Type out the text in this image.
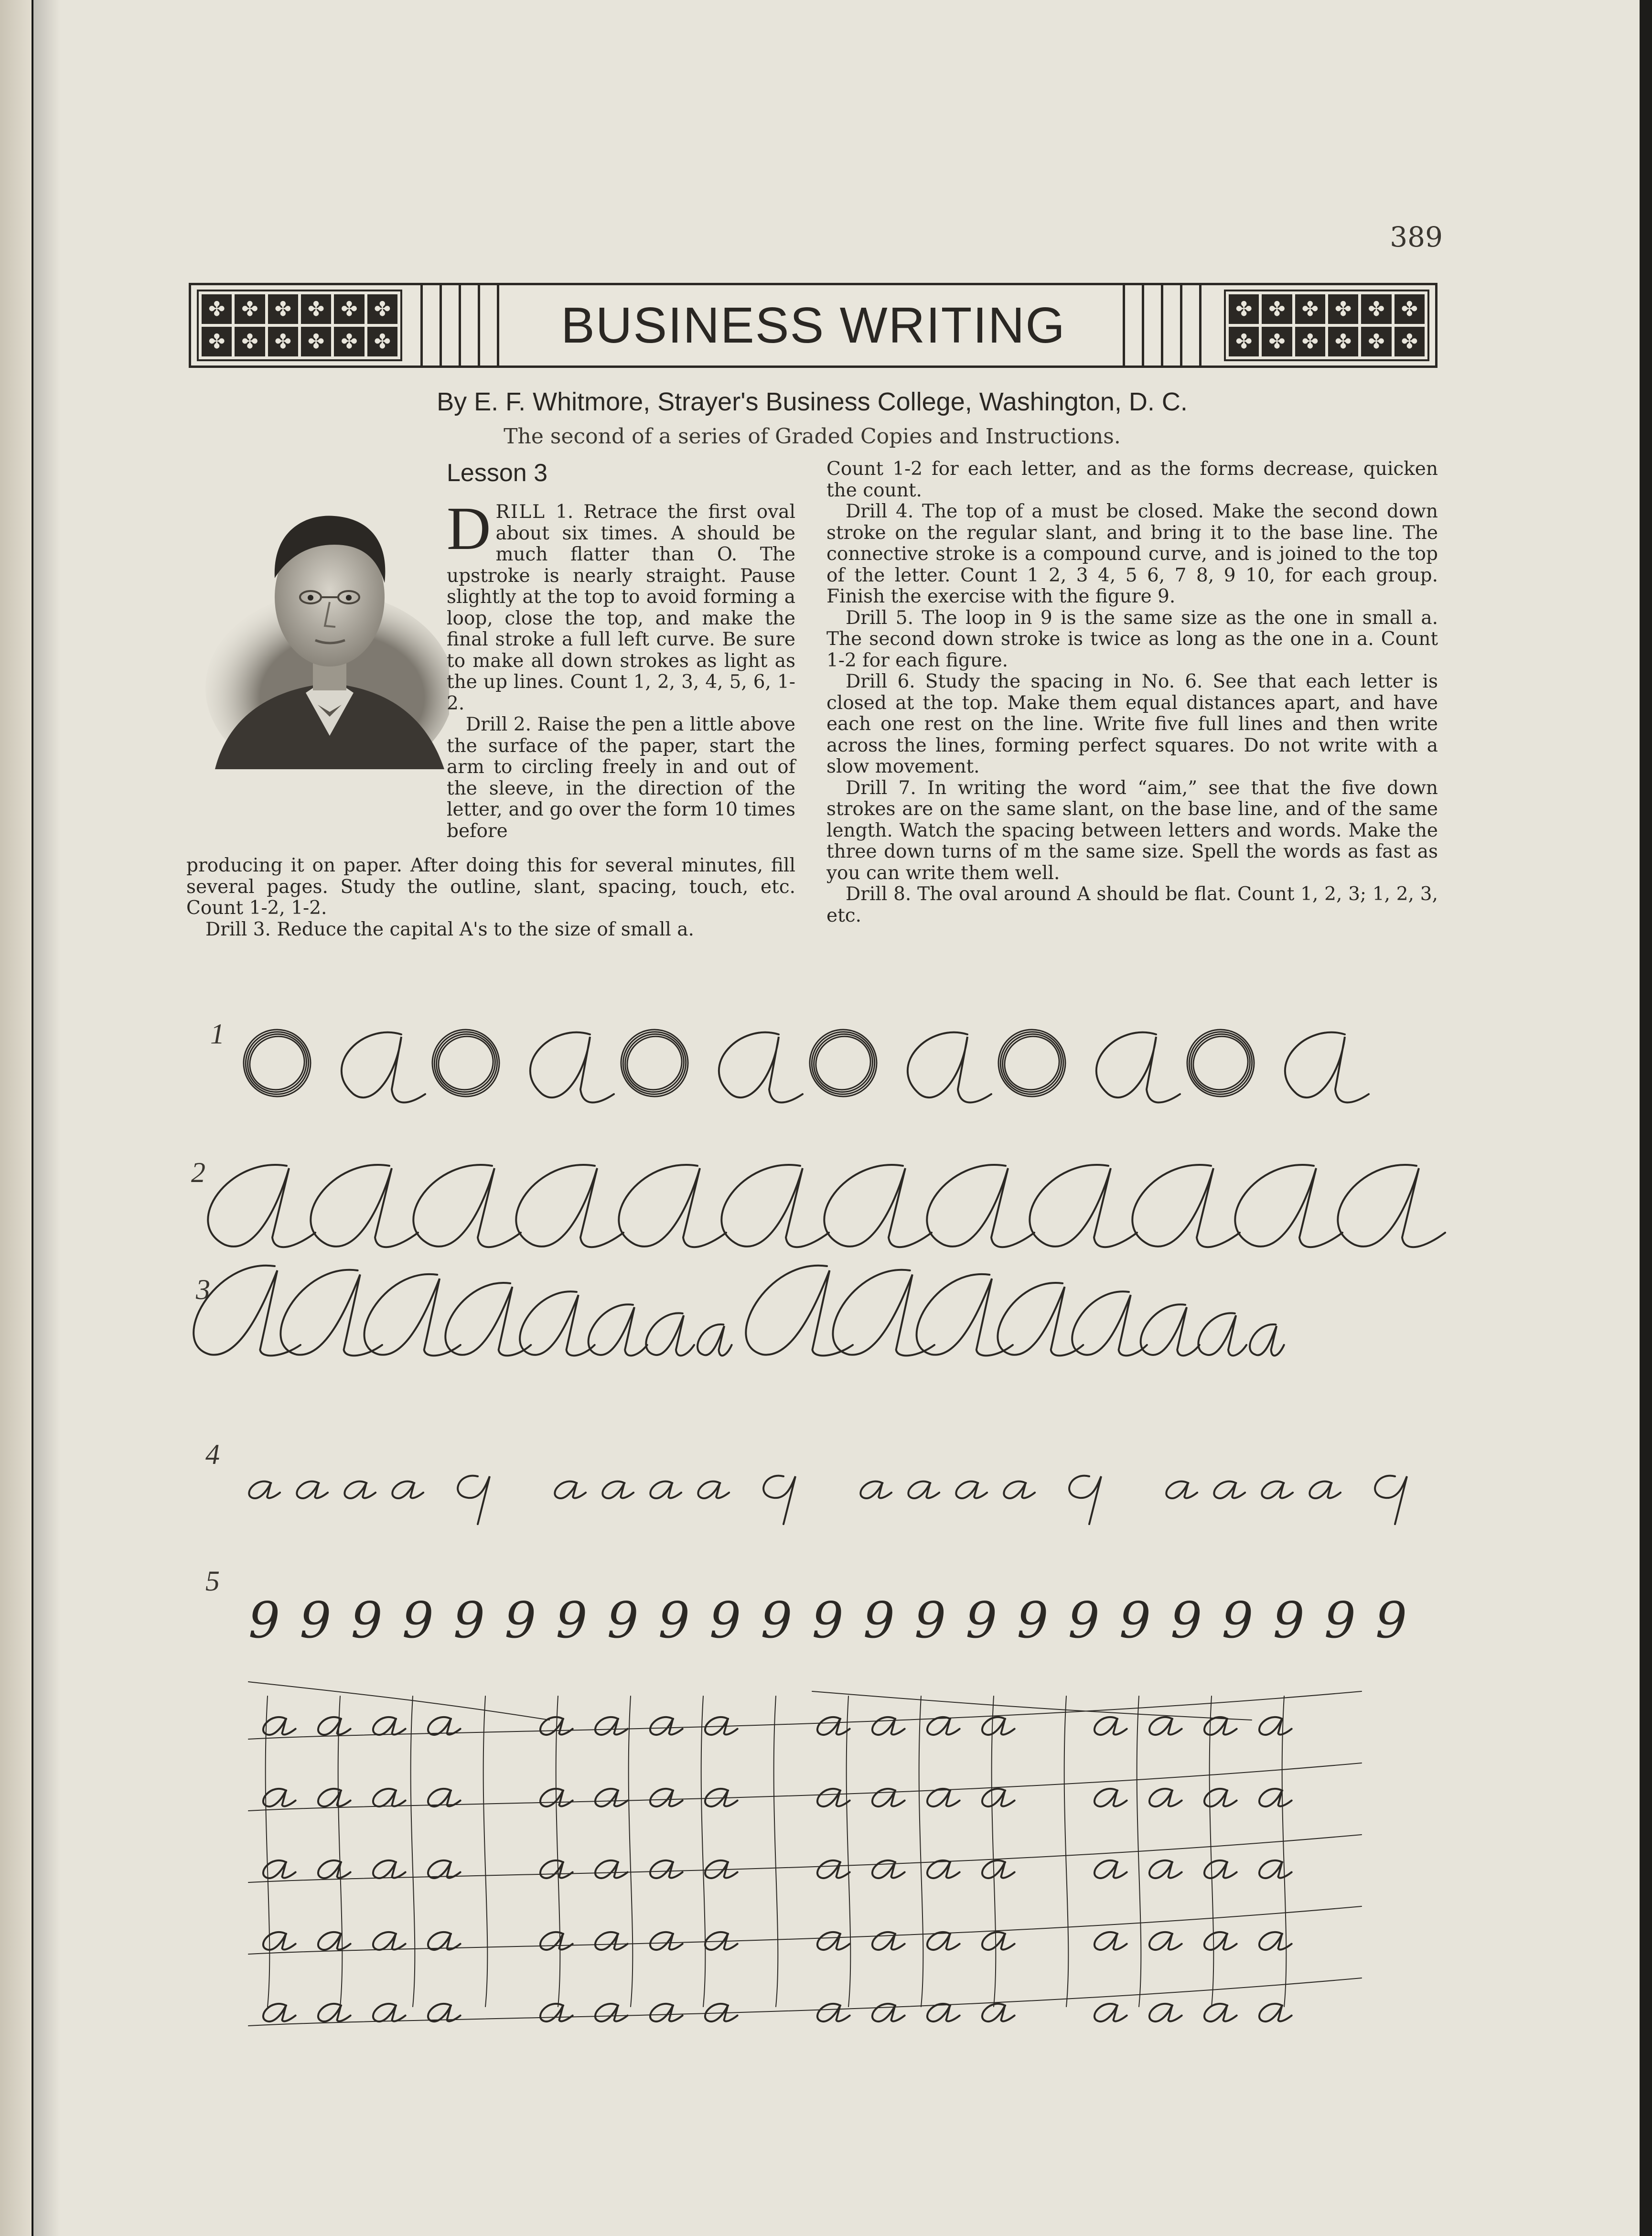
389
✤ ✤ ✤ ✤ ✤ ✤
✤ ✤ ✤ ✤ ✤ ✤	BUSINESS WRITING	✤ ✤ ✤ ✤ ✤ ✤
✤ ✤ ✤ ✤ ✤ ✤
By E. F. Whitmore, Strayer's Business College, Washington, D. C.
The second of a series of Graded Copies and Instructions.
Lesson 3

DRILL 1. Retrace the first oval about six times. A should be much flatter than O. The upstroke is nearly straight. Pause slightly at the top to avoid forming a loop, close the top, and make the final stroke a full left curve. Be sure to make all down strokes as light as the up lines. Count 1, 2, 3, 4, 5, 6, 1-2.

Drill 2. Raise the pen a little above the surface of the paper, start the arm to circling freely in and out of the sleeve, in the direction of the letter, and go over the form 10 times before

producing it on paper. After doing this for several minutes, fill several pages. Study the outline, slant, spacing, touch, etc. Count 1-2, 1-2.

Drill 3. Reduce the capital A's to the size of small a.

Count 1-2 for each letter, and as the forms decrease, quicken the count.

Drill 4. The top of a must be closed. Make the second down stroke on the regular slant, and bring it to the base line. The connective stroke is a compound curve, and is joined to the top of the letter. Count 1 2, 3 4, 5 6, 7 8, 9 10, for each group. Finish the exercise with the figure 9.

Drill 5. The loop in 9 is the same size as the one in small a. The second down stroke is twice as long as the one in a. Count 1-2 for each figure.

Drill 6. Study the spacing in No. 6. See that each letter is closed at the top. Make them equal distances apart, and have each one rest on the line. Write five full lines and then write across the lines, forming perfect squares. Do not write with a slow movement.

Drill 7. In writing the word “aim,” see that the five down strokes are on the same slant, on the base line, and of the same length. Watch the spacing between letters and words. Make the three down turns of m the same size. Spell the words as fast as you can write them well.

Drill 8. The oval around A should be flat. Count 1, 2, 3; 1, 2, 3, etc.

1
2
3
4
5
9 9 9 9 9 9 9 9 9 9 9 9 9 9 9 9 9 9 9 9 9 9 9
